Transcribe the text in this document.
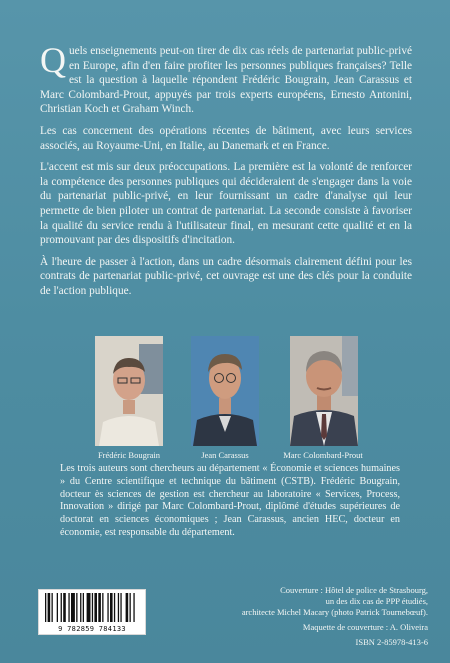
Quels enseignements peut-on tirer de dix cas réels de partenariat public-privé en Europe, afin d'en faire profiter les personnes publiques françaises? Telle est la question à laquelle répondent Frédéric Bougrain, Jean Carassus et Marc Colombard-Prout, appuyés par trois experts européens, Ernesto Antonini, Christian Koch et Graham Winch.

Les cas concernent des opérations récentes de bâtiment, avec leurs services associés, au Royaume-Uni, en Italie, au Danemark et en France.

L'accent est mis sur deux préoccupations. La première est la volonté de renforcer la compétence des personnes publiques qui décideraient de s'engager dans la voie du partenariat public-privé, en leur fournissant un cadre d'analyse qui leur permette de bien piloter un contrat de partenariat. La seconde consiste à favoriser la qualité du service rendu à l'utilisateur final, en mesurant cette qualité et en la promouvant par des dispositifs d'incitation.

À l'heure de passer à l'action, dans un cadre désormais clairement défini pour les contrats de partenariat public-privé, cet ouvrage est une des clés pour la conduite de l'action publique.

Frédéric Bougrain	Jean Carassus	Marc Colombard-Prout

Les trois auteurs sont chercheurs au département « Économie et sciences humaines » du Centre scientifique et technique du bâtiment (CSTB). Frédéric Bougrain, docteur ès sciences de gestion est chercheur au laboratoire « Services, Process, Innovation » dirigé par Marc Colombard-Prout, diplômé d'études supérieures de doctorat en sciences économiques ; Jean Carassus, ancien HEC, docteur en économie, est responsable du département.

9 782859 784133
Couverture : Hôtel de police de Strasbourg,
un des dix cas de PPP étudiés,
architecte Michel Macary (photo Patrick Tournebœuf).
Maquette de couverture : A. Oliveira
ISBN 2-85978-413-6
